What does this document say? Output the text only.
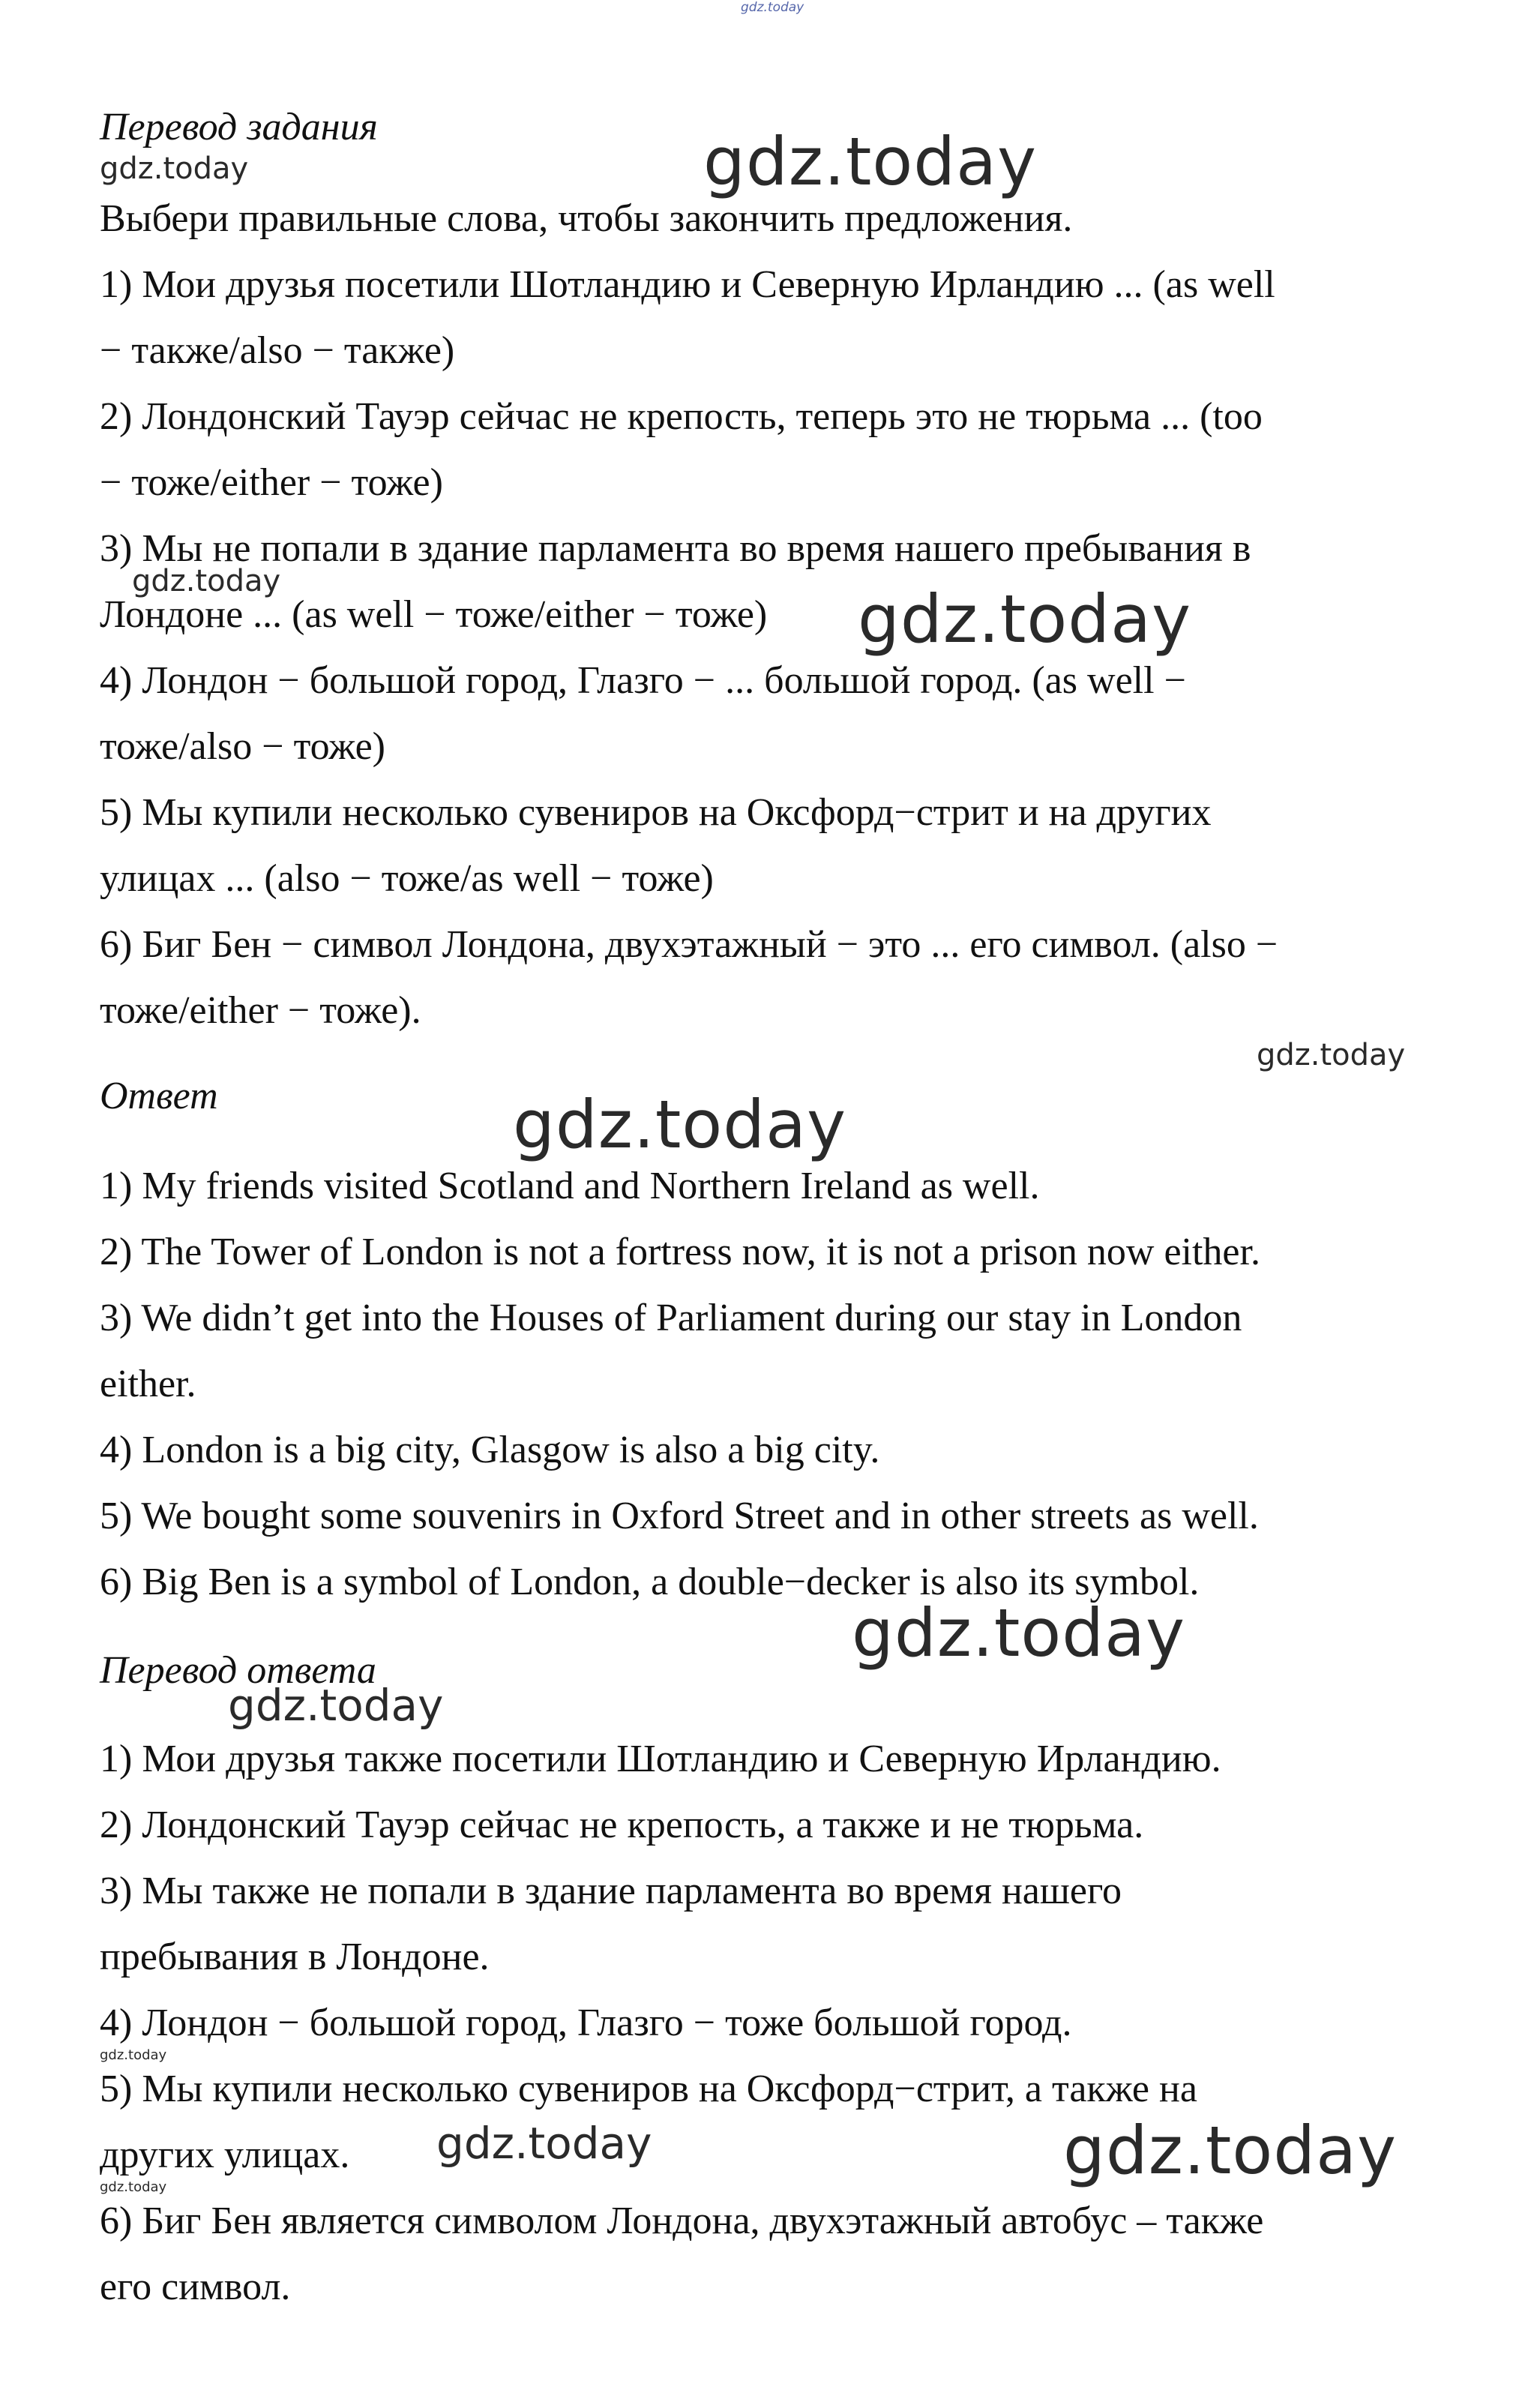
gdz.today

Перевод задания

Выбери правильные слова, чтобы закончить предложения.

1) Мои друзья посетили Шотландию и Северную Ирландию ... (as well

− также/also − также)

2) Лондонский Тауэр сейчас не крепость, теперь это не тюрьма ... (too

− тоже/either − тоже)

3) Мы не попали в здание парламента во время нашего пребывания в

Лондоне ... (as well − тоже/either − тоже)

4) Лондон − большой город, Глазго − ... большой город. (as well −

тоже/also − тоже)

5) Мы купили несколько сувениров на Оксфорд−стрит и на других

улицах ... (also − тоже/as well − тоже)

6) Биг Бен − символ Лондона, двухэтажный − это ... его символ. (also −

тоже/either − тоже).

Ответ

1) My friends visited Scotland and Northern Ireland as well.

2) The Tower of London is not a fortress now, it is not a prison now either.

3) We didn’t get into the Houses of Parliament during our stay in London

either.

4) London is a big city, Glasgow is also a big city.

5) We bought some souvenirs in Oxford Street and in other streets as well.

6) Big Ben is a symbol of London, a double−decker is also its symbol.

Перевод ответа

1) Мои друзья также посетили Шотландию и Северную Ирландию.

2) Лондонский Тауэр сейчас не крепость, а также и не тюрьма.

3) Мы также не попали в здание парламента во время нашего

пребывания в Лондоне.

4) Лондон − большой город, Глазго − тоже большой город.

5) Мы купили несколько сувениров на Оксфорд−стрит, а также на

других улицах.

6) Биг Бен является символом Лондона, двухэтажный автобус – также

его символ.

gdz.today	gdz.today
gdz.today	gdz.today
gdz.today
gdz.today
gdz.today
gdz.today
gdz.today
gdz.today	gdz.today
gdz.today
